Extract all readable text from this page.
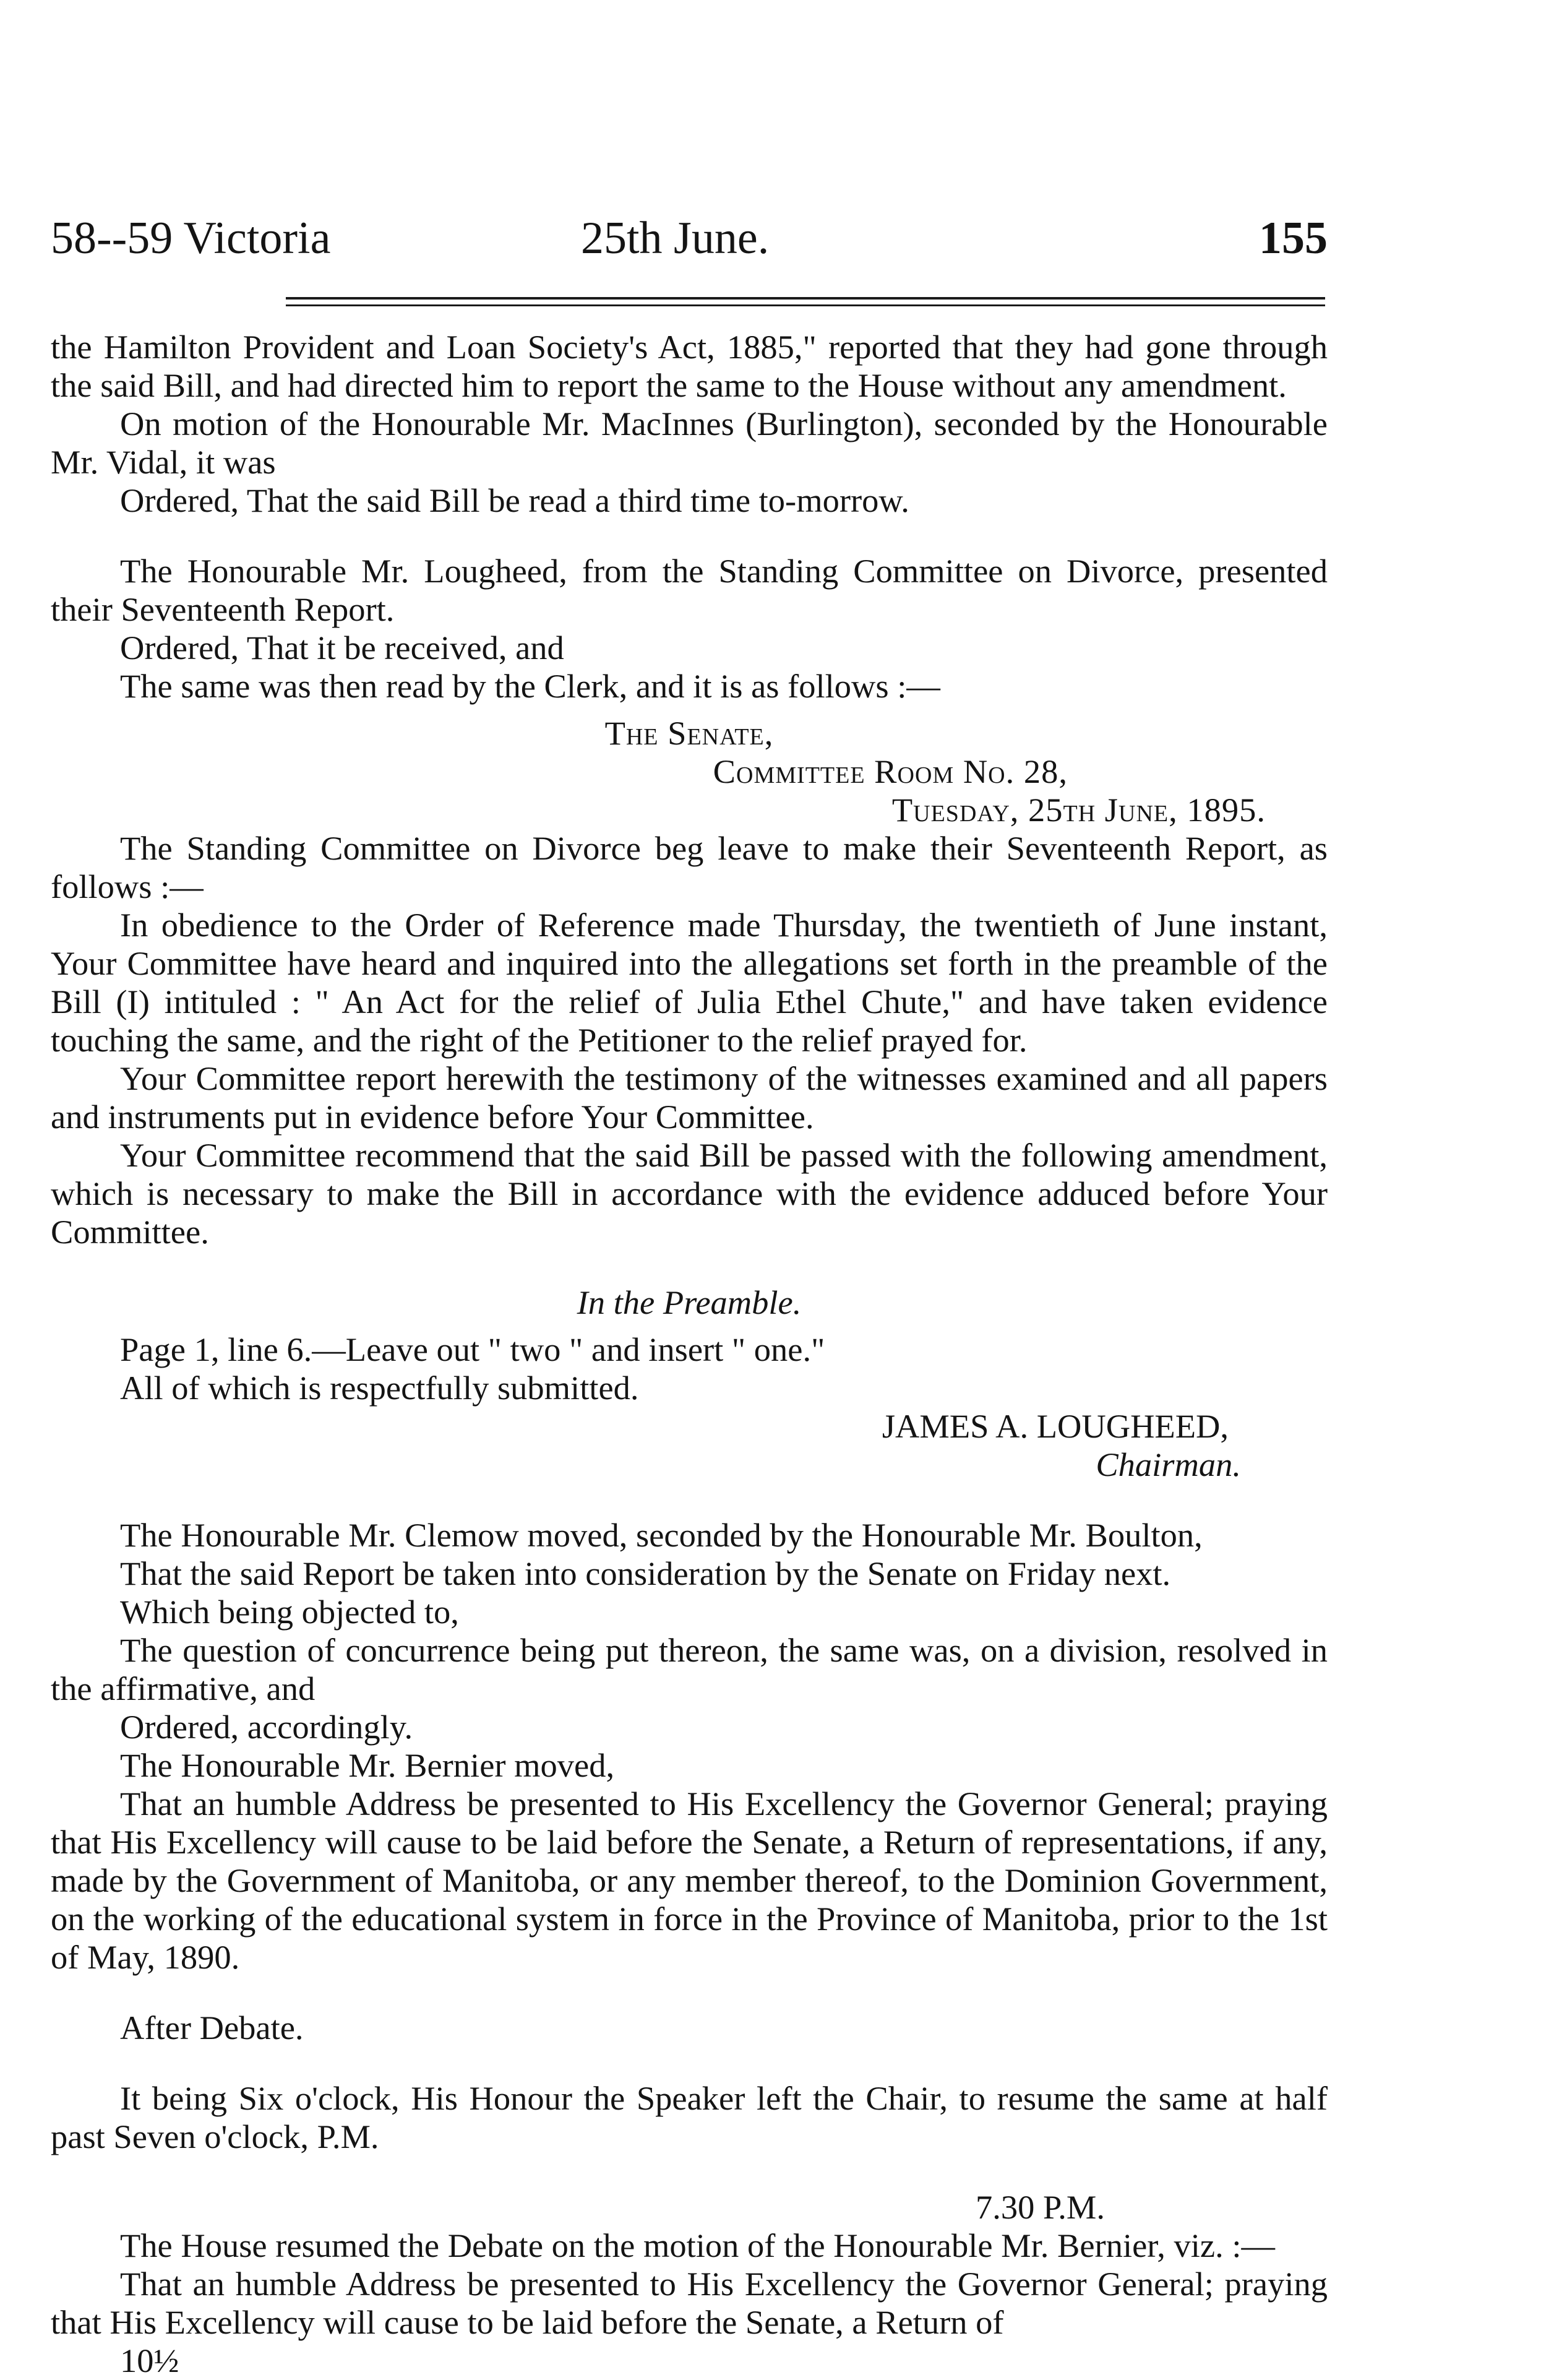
58--59 Victoria	25th June.	155

the Hamilton Provident and Loan Society's Act, 1885," reported that they had gone through the said Bill, and had directed him to report the same to the House without any amendment.

On motion of the Honourable Mr. MacInnes (Burlington), seconded by the Honourable Mr. Vidal, it was

Ordered, That the said Bill be read a third time to-morrow.

The Honourable Mr. Lougheed, from the Standing Committee on Divorce, presented their Seventeenth Report.

Ordered, That it be received, and

The same was then read by the Clerk, and it is as follows :—

The Senate,

Committee Room No. 28,

Tuesday, 25th June, 1895.

The Standing Committee on Divorce beg leave to make their Seventeenth Report, as follows :—

In obedience to the Order of Reference made Thursday, the twentieth of June instant, Your Committee have heard and inquired into the allegations set forth in the preamble of the Bill (I) intituled : " An Act for the relief of Julia Ethel Chute," and have taken evidence touching the same, and the right of the Petitioner to the relief prayed for.

Your Committee report herewith the testimony of the witnesses examined and all papers and instruments put in evidence before Your Committee.

Your Committee recommend that the said Bill be passed with the following amendment, which is necessary to make the Bill in accordance with the evidence adduced before Your Committee.

In the Preamble.

Page 1, line 6.—Leave out " two " and insert " one."

All of which is respectfully submitted.

JAMES A. LOUGHEED,

Chairman.

The Honourable Mr. Clemow moved, seconded by the Honourable Mr. Boulton,

That the said Report be taken into consideration by the Senate on Friday next.

Which being objected to,

The question of concurrence being put thereon, the same was, on a division, resolved in the affirmative, and

Ordered, accordingly.

The Honourable Mr. Bernier moved,

That an humble Address be presented to His Excellency the Governor General; praying that His Excellency will cause to be laid before the Senate, a Return of representations, if any, made by the Government of Manitoba, or any member thereof, to the Dominion Government, on the working of the educational system in force in the Province of Manitoba, prior to the 1st of May, 1890.

After Debate.

It being Six o'clock, His Honour the Speaker left the Chair, to resume the same at half past Seven o'clock, P.M.

7.30 P.M.

The House resumed the Debate on the motion of the Honourable Mr. Bernier, viz. :—

That an humble Address be presented to His Excellency the Governor General; praying that His Excellency will cause to be laid before the Senate, a Return of

10½
